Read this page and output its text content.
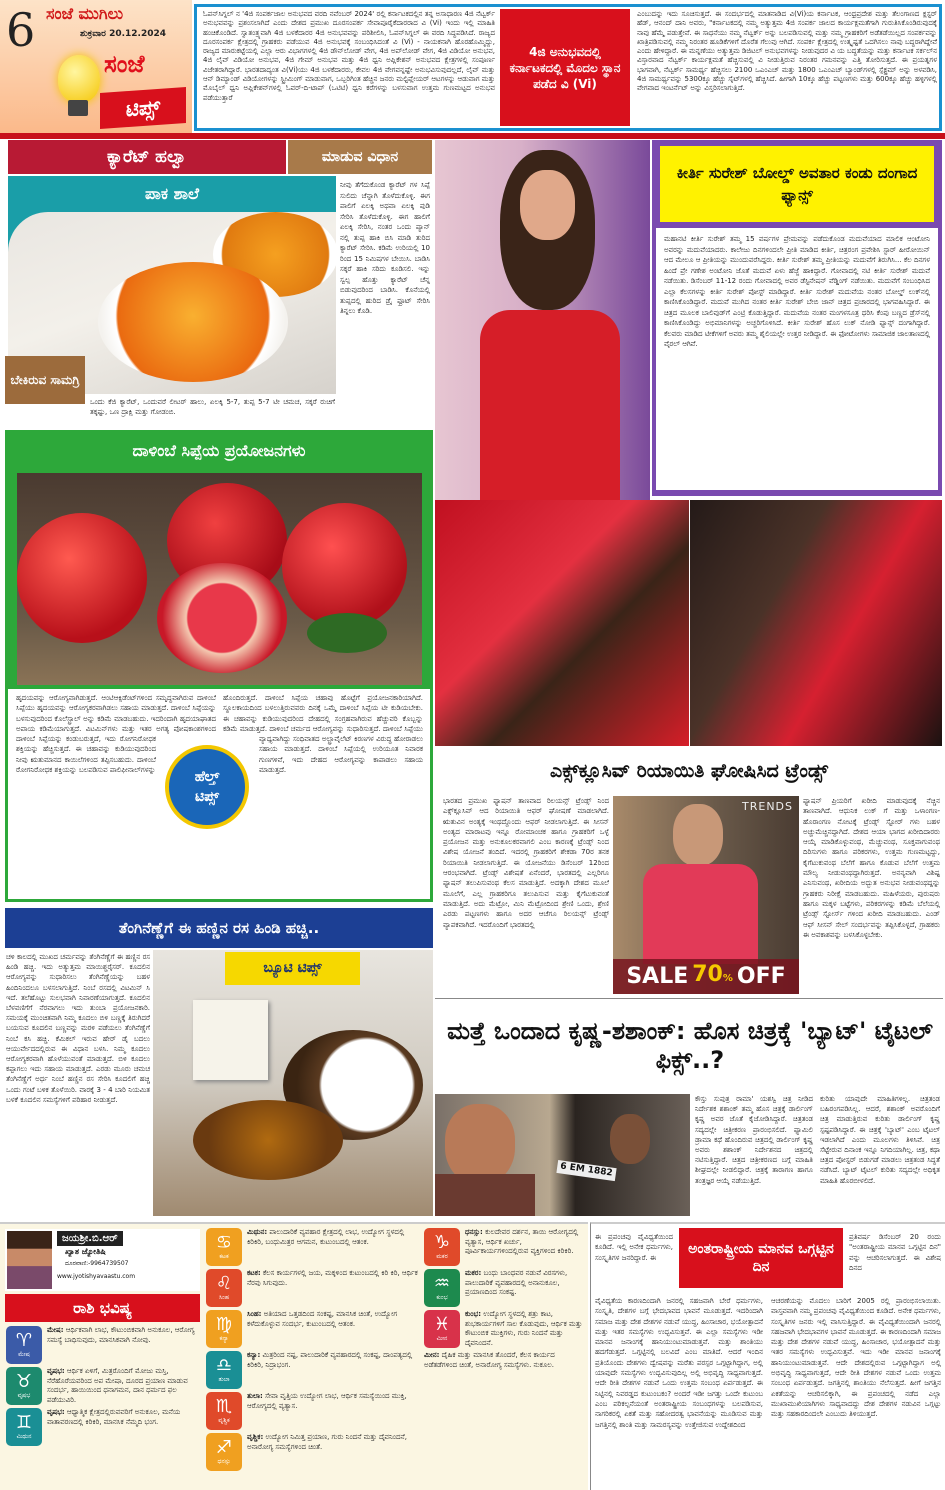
6 ಸಂಜೆ ಮುಗಿಲು
ಶುಕ್ರವಾರ 20.12.2024
ಸಂಜೆ
ಟಿಪ್ಸ್
ಓಪನ್‌ಸಿಗ್ನಲ್ ನ '4ಜಿ ಸಂಪರ್ಕಜಾಲ ಅನುಭವದ ವರದಿ ನವೆಂಬರ್ 2024' ರಲ್ಲಿ ಕರ್ನಾಟಕದಲ್ಲಿನ ತನ್ನ ಅಸಾಧಾರಣ 4ಜಿ ನೆಟ್ವರ್ಕ್ ಅನುಭವವನ್ನು ಪ್ರಶಂಸಲಾಗಿದೆ ಎಂದು ದೇಶದ ಪ್ರಮುಖ ದೂರಸಂಪರ್ಕ ಸೇವಾಪೂರೈಕೆದಾರರಾದ ವಿ (Vi) ಇಂದು ಇಲ್ಲಿ ಮಾಹಿತಿ ಹಂಚಿಕೊಂಡಿದೆ. ಸ್ವಾತಂತ್ರ್ಯವಾಗಿ 4ಜಿ ಬಳಕೆದಾರರ 4ಜಿ ಅನುಭವವನ್ನು ಪರಿಶೀಲಿಸಿ, ಓಪನ್‌ಸಿಗ್ನಲ್ ಈ ವರದಿ ಸಿದ್ಧಪಡಿಸಿದೆ. ರಾಜ್ಯದ ದೂರಸಂಪರ್ಕ ಕ್ಷೇತ್ರದಲ್ಲಿ ಗ್ರಾಹಕರು ಪಡೆಯುವ 4ಜಿ ಅನುಭವಕ್ಕೆ ಸಂಬಂಧಿಸಿದಂತೆ ವಿ (Vi) - ನಾಯಕನಾಗಿ ಹೊರಹೊಮ್ಮಿದ್ದು, ರಾಜ್ಯದ ಮಾರುಕಟ್ಟೆಯಲ್ಲಿ ಎಲ್ಲಾ ಆರು ವಿಭಾಗಗಳಲ್ಲಿ 4ಜಿ ಡೌನ್‌ಲೋಡ್ ವೇಗ, 4ಜಿ ಅಪ್‌ಲೋಡ್ ವೇಗ, 4ಜಿ ವಿಡಿಯೋ ಅನುಭವ, 4ಜಿ ಲೈವ್ ವಿಡಿಯೋ ಅನುಭವ, 4ಜಿ ಗೇಮ್ ಅನುಭವ ಮತ್ತು 4ಜಿ ಧ್ವನಿ ಅಪ್ಲಿಕೇಶನ್ ಅನುಭವದ ಕ್ಷೇತ್ರಗಳಲ್ಲಿ ಸಂಪೂರ್ಣ ವಿಜೇತರಾಗಿದ್ದಾರೆ. ಭಾರತದಾದ್ಯಂತ ವಿ(Vi)ಯು 4ಜಿ ಬಳಕೆದಾರರು, ಕೇವಲ 4ಜಿ ವೇಗವನ್ನಷ್ಟೇ ಅನುಭವಿಸುವುದಲ್ಲದೆ, ಲೈವ್ ಮತ್ತು ಆನ್ ಡಿಮ್ಯಾಂಡ್ ವಿಡಿಯೋಗಳನ್ನು ಸ್ಟ್ರೀಮಿಂಗ್ ಮಾಡುವಾಗ, ಒಬ್ಬರಿಗಿಂತ ಹೆಚ್ಚಿನ ಜನರು ಮಲ್ಟಿಪ್ಲೇಯರ್ ಆಟಗಳನ್ನು ಆಡುವಾಗ ಮತ್ತು ಮೊಬೈಲ್ ಧ್ವನಿ ಅಪ್ಲಿಕೇಶನ್‌ಗಳಲ್ಲಿ ಓವರ್-ದಿ-ಟಾಪ್ (ಒಟಿಟಿ) ಧ್ವನಿ ಕರೆಗಳನ್ನು ಬಳಸುವಾಗ ಉತ್ತಮ ಗುಣಮಟ್ಟದ ಅನುಭವ ಪಡೆಯುತ್ತಾರೆ
4ಜಿ ಅನುಭವದಲ್ಲಿ ಕರ್ನಾಟಕದಲ್ಲಿ ಮೊದಲ ಸ್ಥಾನ ಪಡೆದ ವಿ (Vi)
ಎಂಬುದನ್ನು ಇದು ಸೂಚಿಸುತ್ತದೆ. ಈ ಸಂದರ್ಭದಲ್ಲಿ ಮಾತನಾಡಿದ ವಿ(Vi)ಯ ಕರ್ನಾಟಕ, ಆಂಧ್ರಪ್ರದೇಶ ಮತ್ತು ತೆಲಂಗಾಣದ ಕ್ಲಸ್ಟರ್ ಹೆಡ್, ಆನಂದ್ ದಾನಿ ಅವರು, "ಕರ್ನಾಟಕದಲ್ಲಿ ನಮ್ಮ ಅತ್ಯುತ್ತಮ 4ಜಿ ಸಂಪರ್ಕ ಜಾಲದ ಕಾರ್ಯಕ್ಷಮತೆಗಾಗಿ ಗುರುತಿಸಿಕೊಂಡಿರುವುದಕ್ಕೆ ನಾವು ಹೆಮ್ಮೆ ಪಡುತ್ತೇವೆ. ಈ ಸಾಧನೆಯು ನಮ್ಮ ನೆಟ್ವರ್ಕ್ ಅನ್ನು ಬಲಪಡಿಸುವಲ್ಲಿ ಮತ್ತು ನಮ್ಮ ಗ್ರಾಹಕರಿಗೆ ಅಡೆತಡೆಯಿಲ್ಲದ ಸಂಪರ್ಕವನ್ನು ಖಾತ್ರಿಪಡಿಸುವಲ್ಲಿ ನಮ್ಮ ನಿರಂತರ ಹೂಡಿಕೆಗಳಿಗೆ ದೊರೆತ ಗೆಲುವು ಆಗಿದೆ. ಸಂಪರ್ಕ ಕ್ಷೇತ್ರದಲ್ಲಿ ಉತ್ಕೃಷ್ಟತೆ ಒದಗಿಸಲು ನಾವು ಬದ್ಧರಾಗಿದ್ದೇವೆ ಎಂದು ಹೇಳಿದ್ದಾರೆ. ಈ ಮನ್ನಣೆಯು ಅತ್ಯುತ್ತಮ ಡಿಜಿಟಲ್ ಅನುಭವಗಳನ್ನು ನೀಡುವುದರ ವಿ ಯ ಬದ್ಧತೆಯನ್ನು ಮತ್ತು ಕರ್ನಾಟಕ ಸರ್ಕಲ್‌ನ ವಿಸ್ತಾರವಾದ ನೆಟ್ವರ್ಕ್ ಕಾರ್ಯಕ್ಷಮತೆ ಹೆಚ್ಚಿಸುವಲ್ಲಿ ವಿ ನೀಡುತ್ತಿರುವ ನಿರಂತರ ಗಮನವನ್ನು ಎತ್ತಿ ತೋರಿಸುತ್ತದೆ. ಈ ಪ್ರಯತ್ನಗಳ ಭಾಗವಾಗಿ, ನೆಟ್ವರ್ಕ್ ಸಾಮರ್ಥ್ಯ ಹೆಚ್ಚಿಸಲು 2100 ಒಎಂಎಚ್ ಮತ್ತು 1800 ಒಎಂಎಚ್ ಬ್ಯಾಂಡ್‌ಗಳಲ್ಲಿ ಸ್ಪೆಕ್ಟ್ರಮ್ ಅನ್ನು ಅಳವಡಿಸಿ, 4ಜಿ ಸಾಮರ್ಥ್ಯವನ್ನು 5300ಕ್ಕೂ ಹೆಚ್ಚು ಸೈಟ್‌ಗಳಲ್ಲಿ ಹೆಚ್ಚಿಸಿದೆ. ಹೀಗಾಗಿ 10ಕ್ಕೂ ಹೆಚ್ಚು ಪಟ್ಟಣಗಳು ಮತ್ತು 600ಕ್ಕೂ ಹೆಚ್ಚು ಹಳ್ಳಿಗಳಲ್ಲಿ ವೇಗವಾದ ಇಂಟರ್ನೆಟ್ ಅನ್ನು ವಿಸ್ತರಿಸಲಾಗುತ್ತಿದೆ.
ಕ್ಯಾರೆಟ್ ಹಲ್ವಾ	ಮಾಡುವ ವಿಧಾನ
ಪಾಕ ಶಾಲೆ	ನೀವು ತೆಗೆದುಕೊಂಡ ಕ್ಯಾರೆಟ್ ಗಳ ಸಿಪ್ಪೆ ಸುಲಿದು ಚೆನ್ನಾಗಿ ತೊಳೆದುಕೊಳ್ಳಿ. ಈಗ ಪಾಲಿಗೆ ಏಲಕ್ಕಿ ಅಥವಾ ಏಲಕ್ಕಿ ಪುಡಿ ಸೇರಿಸಿ ತೊಳೆದುಕೊಳ್ಳಿ. ಈಗ ಹಾಲಿಗೆ ಏಲಕ್ಕಿ ಸೇರಿಸಿ, ನಂತರ ಒಂದು ಪ್ಯಾನ್ ನಲ್ಲಿ ತುಪ್ಪ ಹಾಕಿ ಬಿಸಿ ಮಾಡಿ ತುರಿದ ಕ್ಯಾರೆಟ್ ಸೇರಿಸಿ. ಕಡಿಮೆ ಉರಿಯಲ್ಲಿ 10 ರಿಂದ 15 ನಿಮಿಷಗಳ ಬೇಯಿಸಿ. ಬಾಡಿಸಿ ಸಕ್ಕರೆ ಹಾಕಿ ಸರಿದು ಕೂಡಿಸಲಿ. ಇನ್ನು ಸ್ವಲ್ಪ ಹೊತ್ತು ಕ್ಯಾರೆಟ್ ಚೆನ್ನ ಬಿಡುವುದರಿಂದ ಬಾಡಿಸಿ. ಕೊನೆಯಲ್ಲಿ ತುಪ್ಪದಲ್ಲಿ ಹುರಿದ ಡ್ರೈ ಫ್ರೂಟ್ ಸೇರಿಸಿ ತಿನ್ನಲು ಕೊಡಿ.
ಬೇಕಿರುವ ಸಾಮಗ್ರಿ
ಒಂದು ಕೆಜಿ ಕ್ಯಾರೆಟ್, ಒಂದುವರೆ ಲೀಟರ್ ಹಾಲು, ಏಲಕ್ಕಿ 5-7, ತುಪ್ಪ 5-7 ಟೀ ಚಮಚ, ಸಕ್ಕರೆ ರುಚಿಗೆ ತಕ್ಕಷ್ಟು, ಒಣ ದ್ರಾಕ್ಷಿ ಮತ್ತು ಗೋಡಂಬಿ.
ದಾಳಿಂಬೆ ಸಿಪ್ಪೆಯ ಪ್ರಯೋಜನಗಳು
ಹೃದಯವನ್ನು ಆರೋಗ್ಯವಾಗಿಡುತ್ತದೆ. ಆಂಟಿಆಕ್ಸಿಡೆಂಟ್‌ಗಳಿಂದ ಸಮೃದ್ಧವಾಗಿರುವ ದಾಳಿಂಬೆ ಸಿಪ್ಪೆಯು ಹೃದಯವನ್ನು ಆರೋಗ್ಯಕರವಾಗಿಡಲು ಸಹಾಯ ಮಾಡುತ್ತದೆ. ದಾಳಿಂಬೆ ಸಿಪ್ಪೆಯನ್ನು ಬಳಸುವುದರಿಂದ ಕೊಲೆಸ್ಟ್ರಾಲ್ ಅನ್ನು ಕಡಿಮೆ ಮಾಡಬಹುದು. ಇದರಿಂದಾಗಿ ಹೃದಯಾಘಾತದ ಅಪಾಯ ಕಡಿಮೆಯಾಗುತ್ತದೆ. ವಿಟಮಿನ್‌ಗಳು ಮತ್ತು ಇತರ ಅಗತ್ಯ ಪೋಷಕಾಂಶಗಳಿಂದ ದಾಳಿಂಬೆ ಸಿಪ್ಪೆಯನ್ನು ಕಂಡುಬರುತ್ತದೆ, ಇದು ರೋಗನಿರೋಧಕ ಶಕ್ತಿಯನ್ನು ಹೆಚ್ಚಿಸುತ್ತದೆ. ಈ ಚಹಾವನ್ನು ಕುಡಿಯುವುದರಿಂದ ನೀವು ಋತುಮಾನದ ಕಾಯಿಲೆಗಳಿಂದ ತಪ್ಪಿಸಬಹುದು. ದಾಳಿಂಬೆ ರೋಗನಿರೋಧಕ ಶಕ್ತಿಯನ್ನು ಬಲಪಡಿಸುವ ಪಾಲಿಫೀನಾಲ್‌ಗಳನ್ನು
ಹೊಂದಿರುತ್ತದೆ. ದಾಳಿಂಬೆ ಸಿಪ್ಪೆಯ ಚಹಾವು ಹೊಟ್ಟೆಗೆ ಪ್ರಯೋಜನಕಾರಿಯಾಗಿದೆ. ಸ್ಥೂಲಕಾಯದಿಂದ ಬಳಲುತ್ತಿರುವವರು ದಿನಕ್ಕೆ ಒಮ್ಮೆ ದಾಳಿಂಬೆ ಸಿಪ್ಪೆಯ ಟೀ ಕುಡಿಯಬೇಕು. ಈ ಚಹಾವನ್ನು ಕುಡಿಯುವುದರಿಂದ ದೇಹದಲ್ಲಿ ಸಂಗ್ರಹವಾಗಿರುವ ಹೆಚ್ಚುವರಿ ಕೊಬ್ಬನ್ನು ಕಡಿಮೆ ಮಾಡುತ್ತದೆ. ದಾಳಿಂಬೆ ಚರ್ಮದ ಆರೋಗ್ಯವನ್ನು ಸುಧಾರಿಸುತ್ತದೆ. ದಾಳಿಂಬೆ ಸಿಪ್ಪೆಯು ವ್ಯಾಧ್ಯವಾಗಿದ್ದು ಸಂಧಿವಾತದ ಅಲ್ಟ್ರಾವೈಲೆಟ್ ಕಿರಣಗಳ ವಿರುದ್ಧ ಹೋರಾಡಲು ಸಹಾಯ ಮಾಡುತ್ತದೆ. ದಾಳಿಂಬೆ ಸಿಪ್ಪೆಯಲ್ಲಿ ಉರಿಯೂತ ನಿವಾರಕ ಗುಣಗಳಿವೆ, ಇದು ದೇಹದ ಆರೋಗ್ಯವನ್ನು ಕಾಪಾಡಲು ಸಹಾಯ ಮಾಡುತ್ತದೆ.
ಹೆಲ್ತ್
ಟಿಪ್ಸ್
ತೆಂಗಿನೆಣ್ಣೆಗೆ ಈ ಹಣ್ಣಿನ ರಸ ಹಿಂಡಿ ಹಚ್ಚಿ..
ಚಳಿ ಕಾಲದಲ್ಲಿ ಮುಖದ ಚರ್ಮವನ್ನು ತೆಂಗಿನೆಣ್ಣೆಗೆ ಈ ಹಣ್ಣಿನ ರಸ ಹಿಂಡಿ ಹಚ್ಚಿ. ಇದು ಅತ್ಯುತ್ತಮ ಮಾಯಿಶ್ಚರೈಸರ್. ಕೂದಲಿನ ಆರೋಗ್ಯವನ್ನು ಸುಧಾರಿಸಲು ತೆಂಗಿನೆಣ್ಣೆಯನ್ನು ಬಹಳ ಹಿಂದಿನಿಂದಲೂ ಬಳಸಲಾಗುತ್ತಿದೆ. ನಿಂಬೆ ರಸದಲ್ಲಿ ವಿಟಮಿನ್ ಸಿ ಇದೆ. ತಲೆಹೊಟ್ಟು ಸುಲಭವಾಗಿ ನಿವಾರಣೆಯಾಗುತ್ತದೆ. ಕೂದಲಿನ ಬೆಳವಣಿಗೆಗೆ ನೆರವಾಗಲು ಇದು ತುಂಬಾ ಪ್ರಯೋಜನಕಾರಿ. ಸಮಯಕ್ಕೆ ಮುಂಚಿತವಾಗಿ ನಿಮ್ಮ ಕೂದಲು ಬಿಳಿ ಬಣ್ಣಕ್ಕೆ ತಿರುಗಿದರೆ ಬಯಸುವ ಕೂದಲಿನ ಬಣ್ಣವನ್ನು ಮರಳಿ ಪಡೆಯಲು ತೆಂಗಿನೆಣ್ಣೆಗೆ ನಿಂಬೆ ಕಸಿ ಹಚ್ಚಿ. ಕೆಮಿಕಲ್ ಇರುವ ಹೇರ್ ಡೈ ಬದಲು ಆಯುರ್ವೇದದಲ್ಲಿರುವ ಈ ವಿಧಾನ ಬಳಸಿ. ನಿಮ್ಮ ಕೂದಲು ಆರೋಗ್ಯಕರವಾಗಿ ಹೊಳೆಯುವಂತೆ ಮಾಡುತ್ತದೆ. ಬಿಳಿ ಕೂದಲು ಕಪ್ಪಾಗಲು ಇದು ಸಹಾಯ ಮಾಡುತ್ತದೆ. ಎರಡು ಮೂರು ಚಮಚ ತೆಂಗಿನೆಣ್ಣೆಗೆ ಅರ್ಧ ನಿಂಬೆ ಹಣ್ಣಿನ ರಸ ಸೇರಿಸಿ ಕೂದಲಿಗೆ ಹಚ್ಚಿ ಒಂದು ಗಂಟೆ ಬಳಿಕ ತೊಳೆಯಿರಿ. ವಾರಕ್ಕೆ 3 - 4 ಬಾರಿ ನಿಯಮಿತ ಬಳಕೆ ಕೂದಲಿನ ಸಮಸ್ಯೆಗಳಿಗೆ ಪರಿಹಾರ ನೀಡುತ್ತದೆ.
ಬ್ಯೂಟಿ ಟಿಪ್ಸ್
ಕೀರ್ತಿ ಸುರೇಶ್ ಬೋಲ್ಡ್ ಅವತಾರ ಕಂಡು ದಂಗಾದ ಫ್ಯಾನ್ಸ್
ಮಹಾನಟಿ ಕೀರ್ತಿ ಸುರೇಶ್ ತಮ್ಮ 15 ವರ್ಷಗಳ ಪ್ರೇಮವನ್ನು ಪಡೆದುಕೊಂಡ ಮದುವೆಯಾದ ಮಾಲಿಕ ಆಂಟೋನಿ ಅವರನ್ನು ಮದುವೆಯಾದರು. ಕಾಲೇಜು ದಿನಗಳಿಂದಲೇ ಪ್ರೀತಿ ಮಾಡಿದ ಕೀರ್ತಿ, ಚಿತ್ರರಂಗ ಪ್ರವೇಶಿಸಿ ಸ್ಟಾರ್ ಹೀರೋಯಿನ್ ಆದ ಮೇಲೂ ಆ ಪ್ರೀತಿಯನ್ನು ಮುಂದುವರೆಸಿದ್ದರು. ಕೀರ್ತಿ ಸುರೇಶ್ ತಮ್ಮ ಪ್ರೀತಿಯನ್ನು ಮದುವೆಗೆ ತಿರುಗಿಸಿ... ಕೆಲ ದಿನಗಳ ಹಿಂದೆ ಪ್ರೇ ಗಣೇಶ ಅಂಟೋನಿ ಜೊತೆ ಮದುವೆ ಏಳು ಹೆಜ್ಜೆ ಹಾಕಿದ್ದಾರೆ. ಗೋವಾದಲ್ಲಿ ನಟಿ ಕೀರ್ತಿ ಸುರೇಶ್ ಮದುವೆ ನಡೆಯಿತು. ಡಿಸೆಂಬರ್ 11-12 ರಂದು ಗೋವಾದಲ್ಲಿ ಅವರ ಡೆಸ್ಟಿನೇಷನ್ ವೆಡ್ಡಿಂಗ್ ನಡೆಯಿತು. ಮದುವೆಗೆ ಸಂಬಂಧಿಸಿದ ಎಲ್ಲಾ ಕೆಲಸಗಳನ್ನು ಕೀರ್ತಿ ಸುರೇಶ್ ಪೋಸ್ಟ್ ಮಾಡಿದ್ದಾರೆ. ಕೀರ್ತಿ ಸುರೇಶ್ ಮದುವೆಯ ನಂತರ ಬೋಲ್ಡ್ ಲುಕ್‌ನಲ್ಲಿ ಕಾಣಿಸಿಕೊಂಡಿದ್ದಾರೆ. ಮದುವೆ ಮುಗಿದ ನಂತರ ಕೀರ್ತಿ ಸುರೇಶ್ ಬೇಬಿ ಜಾನ್ ಚಿತ್ರದ ಪ್ರಚಾರದಲ್ಲಿ ಭಾಗವಹಿಸಿದ್ದಾರೆ. ಈ ಚಿತ್ರದ ಮೂಲಕ ಬಾಲಿವುಡ್‌ಗೆ ಎಂಟ್ರಿ ಕೊಡುತ್ತಿದ್ದಾರೆ. ಮದುವೆಯ ನಂತರ ಮಂಗಳಸೂತ್ರ ಧರಿಸಿ ಕೆಂಪು ಬಣ್ಣದ ಡ್ರೆಸ್‌ನಲ್ಲಿ ಕಾಣಿಸಿಕೊಂಡಿದ್ದು ಅಭಿಮಾನಿಗಳನ್ನು ಅಚ್ಚರಿಗೊಳಿಸಿದೆ. ಕೀರ್ತಿ ಸುರೇಶ್ ಹೊಸ ಲುಕ್ ನೋಡಿ ಫ್ಯಾನ್ಸ್ ದಂಗಾಗಿದ್ದಾರೆ. ಕೆಲವರು ಮಾಡಿದ ಟೀಕೆಗಳಿಗೆ ಅವರು ತಮ್ಮ ಶೈಲಿಯಲ್ಲೇ ಉತ್ತರ ನೀಡಿದ್ದಾರೆ. ಈ ಫೋಟೋಗಳು ಸಾಮಾಜಿಕ ಜಾಲತಾಣದಲ್ಲಿ ವೈರಲ್ ಆಗಿವೆ.
ಎಕ್ಸ್‌ಕ್ಲೂಸಿವ್ ರಿಯಾಯಿತಿ ಘೋಷಿಸಿದ ಟ್ರೆಂಡ್ಸ್
ಭಾರತದ ಪ್ರಮುಖ ಫ್ಯಾಷನ್ ತಾಣವಾದ ರಿಲಯನ್ಸ್ ಟ್ರೆಂಡ್ಸ್ ನಿಂದ ಎಕ್ಸ್‌ಕ್ಲೂಸಿವ್ ಆದ ರಿಯಾಯಿತಿ ಆಫರ್ ಘೋಷಣೆ ಮಾಡಲಾಗಿದೆ. ಋತುವಿನ ಅಂತ್ಯಕ್ಕೆ ಇಂಥದ್ದೊಂದು ಆಫರ್ ನೀಡಲಾಗುತ್ತಿದೆ. ಈ ಸೀಸನ್ ಅಂತ್ಯದ ಮಾರಾಟವು ಇನ್ನೂ ರೋಮಾಂಚಕ ಹಾಗೂ ಗ್ರಾಹಕರಿಗೆ ಒಳ್ಳೆ ಪ್ರಯೋಜನ ಮತ್ತು ಅನುಕೂಲಕರವಾಗಲಿ ಎಂಬ ಕಾರಣಕ್ಕೆ ಟ್ರೆಂಡ್ಸ್ ನಿಂದ ವಿಶೇಷ ಯೋಜನೆ ತಂದಿದೆ. ಇದರಲ್ಲಿ ಗ್ರಾಹಕರಿಗೆ ಶೇಕಡಾ 70ರ ತನಕ ರಿಯಾಯಿತಿ ನೀಡಲಾಗುತ್ತಿದೆ. ಈ ಯೋಜನೆಯು ಡಿಸೆಂಬರ್ 12ರಿಂದ ಆರಂಭವಾಗಿದೆ. ಟ್ರೆಂಡ್ಸ್ ವಿಶೇಷತೆ ಏನೆಂದರೆ, ಭಾರತದಲ್ಲಿ ಎಲ್ಲರಿಗೂ ಫ್ಯಾಷನ್ ತಲುಪಿಸುವಂಥ ಕೆಲಸ ಮಾಡುತ್ತಿದೆ. ಅದಕ್ಕಾಗಿ ದೇಶದ ಮೂಲೆ ಮೂಲೆಗೆ, ಎಲ್ಲ ಗ್ರಾಹಕರಿಗೂ ತಲುಪಿಸುವ ಮತ್ತು ಕೈಗೆಟುಕುವಂತೆ ಮಾಡುತ್ತಿದೆ. ಅದು ಮೆಟ್ರೋ, ಮಿನಿ ಮೆಟ್ರೋದಿಂದ ಶ್ರೇಣಿ ಒಂದು, ಶ್ರೇಣಿ ಎರಡು ಪಟ್ಟಣಗಳು ಹಾಗೂ ಅದರ ಆಚೆಗೂ ರಿಲಯನ್ಸ್ ಟ್ರೆಂಡ್ಸ್ ವ್ಯಾಪಕವಾಗಿದೆ. ಇದರೊಂದಿಗೆ ಭಾರತದಲ್ಲಿ
TRENDS
SALE 70% OFF
ಫ್ಯಾಷನ್ ಪ್ರಿಯರಿಗೆ ಖರೀದಿ ಮಾಡುವುದಕ್ಕೆ ನೆಚ್ಚಿನ ತಾಣವಾಗಿದೆ. ಆಧುನಿಕ ಲುಕ್ ಗೆ ಮತ್ತು ಒಳಾಂಗಣ-ಹೊರಾಂಗಣ ನೋಟಕ್ಕೆ ಟ್ರೆಂಡ್ಸ್ ಸ್ಟೋರ್ ಗಳು ಬಹಳ ಅಚ್ಚುಮೆಚ್ಚಿನದ್ದಾಗಿದೆ. ದೇಶದ ಆಯಾ ಭಾಗದ ಖರೀದಿದಾರರು ಆಯ್ಕೆ ಮಾಡಿಕೊಳ್ಳುವಂಥ, ಮೆಚ್ಚುವಂಥ, ಸೂಕ್ತವಾಗುವಂಥ ದಿರಿಸುಗಳು ಹಾಗೂ ಪರಿಕರಗಳು, ಉತ್ತಮ ಗುಣಮಟ್ಟದ್ದು, ಕೈಗೆಟುಕುವಂಥ ಬೆಲೆಗೆ ಹಾಗೂ ಕೊಡುವ ಬೆಲೆಗೆ ಉತ್ತಮ ಮೌಲ್ಯ ನೀಡುವಂಥದ್ದಾಗಿರುತ್ತದೆ. ಅನನ್ಯವಾಗಿ ವಿಶಿಷ್ಟ ಎನಿಸುವಂಥ, ಖರೀದಿಯ ಅದ್ಭುತ ಅನುಭವ ನೀಡುವಂಥದ್ದನ್ನು ಗ್ರಾಹಕರು ನಿರೀಕ್ಷೆ ಮಾಡಬಹುದು. ಮಹಿಳೆಯರು, ಪುರುಷರು ಹಾಗೂ ಮಕ್ಕಳ ಬಟ್ಟೆಗಳು, ಪರಿಕರಗಳನ್ನು ಕಡಿಮೆ ಬೆಲೆಯಲ್ಲಿ ಟ್ರೆಂಡ್ಸ್ ಸ್ಟೋರ್ಸ್ ಗಳಿಂದ ಖರೀದಿ ಮಾಡಬಹುದು. ಎಂಡ್ ಆಫ್ ಸೀಸನ್ ಸೇಲ್ ಸಂದರ್ಭವನ್ನು ತಪ್ಪಿಸಿಕೊಳ್ಳದೆ, ಗ್ರಾಹಕರು ಈ ಅವಕಾಶವನ್ನು ಬಳಸಿಕೊಳ್ಳಬೇಕು.
ಮತ್ತೆ ಒಂದಾದ ಕೃಷ್ಣ-ಶಶಾಂಕ್: ಹೊಸ ಚಿತ್ರಕ್ಕೆ 'ಬ್ಯಾಟ್' ಟೈಟಲ್ ಫಿಕ್ಸ್..?
6 EM 1882
ಕೌಸ್ತು ಸುಪುತ್ರ ರಾಮಾ' ಯಶಸ್ವಿ ಚಿತ್ರ ನೀಡಿದ ನಿರ್ದೇಶಕ ಶಶಾಂಕ್ ತಮ್ಮ ಹೊಸ ಚಿತ್ರಕ್ಕೆ ಡಾರ್ಲಿಂಗ್ ಕೃಷ್ಣ ಅವರ ಜೊತೆ ಕೈಜೋಡಿಸಿದ್ದಾರೆ. ಚಿತ್ರತಂಡ ಸದ್ಯದಲ್ಲೇ ಚಿತ್ರೀಕರಣ ಪ್ರಾರಂಭಿಸಲಿದೆ. ಫ್ಯಾಮಿಲಿ ಡ್ರಾಮಾ ಕಥೆ ಹೊಂದಿರುವ ಚಿತ್ರದಲ್ಲಿ ಡಾರ್ಲಿಂಗ್ ಕೃಷ್ಣ ಅವರು ಶಶಾಂಕ್ ನಿರ್ದೇಶನದ ಚಿತ್ರದಲ್ಲಿ ನಟಿಸುತ್ತಿದ್ದಾರೆ. ಚಿತ್ರದ ಚಿತ್ರೀಕರಣದ ಬಗ್ಗೆ ಮಾಹಿತಿ ಶೀಘ್ರದಲ್ಲೇ ನೀಡಲಿದ್ದಾರೆ. ಚಿತ್ರಕ್ಕೆ ತಾರಾಗಣ ಹಾಗೂ ತಂತ್ರಜ್ಞರ ಆಯ್ಕೆ ನಡೆಯುತ್ತಿದೆ.
ಕುರಿತು ಯಾವುದೇ ಮಾಹಿತಿಗಳಿಲ್ಲ. ಚಿತ್ರತಂಡ ಬಹಿರಂಗಪಡಿಸಿಲ್ಲ. ಆದರೆ, ಶಶಾಂಕ್ ಅವರೊಂದಿಗೆ ಚಿತ್ರ ಮಾಡುತ್ತಿರುವ ಕುರಿತು ಡಾರ್ಲಿಂಗ್ ಕೃಷ್ಣ ಸ್ಪಷ್ಟಪಡಿಸಿದ್ದಾರೆ. ಈ ಚಿತ್ರಕ್ಕೆ 'ಬ್ಯಾಟ್' ಎಂಬ ಟೈಟಲ್ ಇಡಲಾಗಿದೆ ಎಂದು ಮೂಲಗಳು ತಿಳಿಸಿವೆ. ಚಿತ್ರ ಸೆಟ್ಟೇರುವ ದಿನಾಂಕ ಇನ್ನೂ ನಿಗದಿಯಾಗಿಲ್ಲ. ಚಿತ್ರ, ಕಥಾ ಚಿತ್ರದ ಪೋಸ್ಟರ್ ಬಿಡುಗಡೆ ಮಾಡಲು ಚಿತ್ರತಂಡ ಸಿದ್ಧತೆ ನಡೆಸಿದೆ. ಬ್ಯಾಟ್ ಟೈಟಲ್ ಕುರಿತು ಸದ್ಯದಲ್ಲೇ ಅಧಿಕೃತ ಮಾಹಿತಿ ಹೊರಬೀಳಲಿದೆ.
ಜಯಶ್ರೀ.ಬಿ.ಆರ್
ಖ್ಯಾತ ಜ್ಯೋತಿಷಿ
ದೂರವಾಣಿ:-9964739507
www.jyotishyavaastu.com
ರಾಶಿ ಭವಿಷ್ಯ
♈
ಮೇಷ
ಮೇಷ: ಆರ್ಥಿಕವಾಗಿ ಲಾಭ, ಕೌಟುಂಬಿಕವಾಗಿ ಅನುಕೂಲ, ಆರೋಗ್ಯ ಸಮಸ್ಯೆ ಬಾಧಿಸುವುದು, ಮಾನಸಿಕವಾಗಿ ನೋವು.
♉
ವೃಷಭ
ವೃಷಭ: ಆರ್ಥಿಕ ಏಳಿಗೆ, ಮಿತ್ರರೊಂದಿಗೆ ಮೋಜು ಮಸ್ತಿ, ನೆರೆಹೊರೆಯವರಿಂದ ಅಪ ಮೇಷಾ, ದೂರದ ಪ್ರಯಾಣ ಮಾಡುವ ಸಂದರ್ಭ, ಹಾಯಿಯಿಂದ ಧನಾಗಮನ, ದಾನ ಧರ್ಮದ ಫಲ ಪಡೆಯುವಿರಿ.
♊
ಮಿಥುನ
ವೃಷಭ: ಆಧ್ಯಾತ್ಮಿಕ ಕ್ಷೇತ್ರದಲ್ಲಿರುವವರಿಗೆ ಅನುಕೂಲ, ಮನೆಯ ವಾತಾವರಣದಲ್ಲಿ ಕಿರಿಕಿರಿ, ಮಾನಸಿಕ ನೆಮ್ಮದಿ ಭಂಗ.
♋
ಕಟಕ
ಮಿಥುನ: ಪಾಲುದಾರಿಕೆ ವ್ಯವಹಾರ ಕ್ಷೇತ್ರದಲ್ಲಿ ಲಾಭ, ಉದ್ಯೋಗ ಸ್ಥಳದಲ್ಲಿ ಕಿರಿಕಿರಿ, ಬಂಧುಮಿತ್ರರ ಆಗಮನ, ಕುಟುಂಬದಲ್ಲಿ ಆತಂಕ.
♌
ಸಿಂಹ
ಕಟಕ: ಕೆಲಸ ಕಾರ್ಯಗಳಲ್ಲಿ ಜಯ, ಮಕ್ಕಳಿಂದ ಕುಟುಂಬದಲ್ಲಿ ಕಿರಿ ಕಿರಿ, ಆರ್ಥಿಕ ನೆರವು ಸಿಗುವುದು.
♍
ಕನ್ಯಾ
ಸಿಂಹ: ಅತಿಯಾದ ಒತ್ತಡದಿಂದ ಸಂಕಷ್ಟ, ಮಾನಸಿಕ ಚಿಂತೆ, ಉದ್ಯೋಗ ಕಳೆದುಕೊಳ್ಳುವ ಸಂದರ್ಭ, ಕುಟುಂಬದಲ್ಲಿ ಆತಂಕ.
♎
ತುಲಾ
ಕನ್ಯಾ: ಮಿತ್ರರಿಂದ ನಷ್ಟ, ಪಾಲುದಾರಿಕೆ ವ್ಯವಹಾರದಲ್ಲಿ ಸಂಕಷ್ಟ, ದಾಂಪತ್ಯದಲ್ಲಿ ಕಿರಿಕಿರಿ, ನಿದ್ರಾಭಂಗ.
♏
ವೃಶ್ಚಿಕ
ತುಲಾ: ಸೇವಾ ವೃತ್ತಿಯ ಉದ್ಯೋಗ ಲಾಭ, ಆರ್ಥಿಕ ಸಮಸ್ಯೆಯಿಂದ ಮುಕ್ತಿ, ಆರೋಗ್ಯದಲ್ಲಿ ವ್ಯತ್ಯಾಸ.
♐
ಧನಸ್ಸು
ವೃಶ್ಚಿಕ: ಉದ್ಯೋಗ ನಿಮಿತ್ತ ಪ್ರಯಾಣ, ಗುರು ನಿಂದನೆ ಮತ್ತು ದೈವನಿಂದನೆ, ಅನಾರೋಗ್ಯ ಸಮಸ್ಯೆಗಳಿಂದ ಚಿಂತೆ.
♑
ಮಕರ
ಧನಸ್ಸು: ಕುಲದೇವರ ದರ್ಶನ, ತಾಯಿ ಆರೋಗ್ಯದಲ್ಲಿ ವ್ಯತ್ಯಾಸ, ಆರ್ಥಿಕ ಖರ್ಚು, ಪೂರ್ವಿಕಾರ್ಯಗಳಿಂದಲ್ಲಿರುವ ವ್ಯಕ್ತಿಗಳಿಂದ ಕಿರಿಕಿರಿ.
♒
ಕುಂಭ
ಮಕರ: ಬಂಧು ಬಾಂಧವರ ನಡುವೆ ವಿರಸಗಳು, ಪಾಲುದಾರಿಕೆ ವ್ಯವಹಾರದಲ್ಲಿ ಅನಾನುಕೂಲ, ಪ್ರಯಾಣದಿಂದ ಸಂಕಷ್ಟ.
♓
ಮೀನ
ಕುಂಭ: ಉದ್ಯೋಗ ಸ್ಥಳದಲ್ಲಿ ಶತ್ರು ಕಾಟ, ಶುಭಕಾರ್ಯಗಳಿಗೆ ಸಾಲ ಕೊಡುವುದು, ಆರ್ಥಿಕ ಮತ್ತು ಕೌಟುಂಬಿಕ ಮುಕ್ತಿಗಳು, ಗುರು ನಿಂದನೆ ಮತ್ತು ದೈವನಿಂದನೆ.
ಮೀನ: ದೈಹಿಕ ಮತ್ತು ಮಾನಸಿಕ ತೊಂದರೆ, ಕೆಲಸ ಕಾರ್ಯದ ಅಡೆತಡೆಗಳಿಂದ ಚಿಂತೆ, ಅನಾರೋಗ್ಯ ಸಮಸ್ಯೆಗಳು. ನುಕೂಲ.
ಈ ಪ್ರಪಂಚವು ವೈವಿಧ್ಯತೆಯಿಂದ ಕೂಡಿದೆ. ಇಲ್ಲಿ ಅನೇಕ ಧರ್ಮಗಳು, ಸಂಸ್ಕೃತಿಗಳ ಜನರಿದ್ದಾರೆ. ಈ
ಅಂತರಾಷ್ಟ್ರೀಯ ಮಾನವ ಒಗ್ಗಟ್ಟಿನ ದಿನ
ಪ್ರತಿವರ್ಷ ಡಿಸೆಂಬರ್ 20 ರಂದು "ಅಂತರಾಷ್ಟ್ರೀಯ ಮಾನವ ಒಗ್ಗಟ್ಟಿನ ದಿನ" ವನ್ನು ಆಚರಿಸಲಾಗುತ್ತದೆ. ಈ ವಿಶೇಷ ದಿನದ
ವೈವಿಧ್ಯತೆಯ ಕಾರಣದಿಂದಾಗಿ ಜನರಲ್ಲಿ ಸಹಜವಾಗಿ ಬೇರೆ ಧರ್ಮಗಳು, ಸಂಸ್ಕೃತಿ, ದೇಶಗಳ ಬಗ್ಗೆ ಭೇದಭಾವದ ಭಾವನೆ ಮೂಡುತ್ತದೆ. ಇದರಿಂದಾಗಿ ಸಮಾಜ ಮತ್ತು ದೇಶ ದೇಶಗಳ ನಡುವೆ ಯುದ್ಧ, ಹಿಂಸಾಚಾರ, ಭಯೋತ್ಪಾದನೆ ಮತ್ತು ಇತರ ಸಮಸ್ಯೆಗಳು ಉದ್ಭವಿಸುತ್ತವೆ. ಈ ಎಲ್ಲಾ ಸಮಸ್ಯೆಗಳು ಇಡೀ ಮಾನವ ಜನಾಂಗಕ್ಕೆ ಹಾನಿಯುಂಟುಮಾಡುತ್ತವೆ. ಮತ್ತು ಶಾಂತಿಯು ಹದಗೆಡುತ್ತದೆ. ಒಗ್ಗಟ್ಟಿನಲ್ಲಿ ಬಲವಿದೆ ಎಂಬ ಮಾತಿದೆ. ಆದರೆ ಇಂದಿನ ಪ್ರತಿಯೊಂದು ದೇಶಗಳು ದ್ವೇಷವನ್ನು ಮರೆತು ಪರಸ್ಪರ ಒಗ್ಗಟ್ಟಾಗಿದ್ದಾಗ, ಅಲ್ಲಿ ಯಾವುದೇ ಸಮಸ್ಯೆಗಳು ಉದ್ಭವಿಸುವುದಿಲ್ಲ ಅಲ್ಲಿ ಅಭಿವೃದ್ಧಿ ಸಾಧ್ಯವಾಗುತ್ತದೆ. ಆದೇ ರೀತಿ ದೇಶಗಳ ನಡುವೆ ಒಂದು ಉತ್ತಮ ಸಂಬಂಧ ಏರ್ಪಡುತ್ತದೆ. ಈ ನಿಟ್ಟಿನಲ್ಲಿ ನಿವರಡ್ಡದ ಕುಟುಂಬಕಂ? ಅಂದರೆ ಇಡೀ ಜಗತ್ತು ಒಂದೇ ಕುಟುಂಬ ಎಂಬ ಪರಿಕಲ್ಪನೆಯಂತೆ ಅಂತರಾಷ್ಟ್ರೀಯ ಸಂಬಂಧಗಳನ್ನು ಬಲಪಡಿಸುವ, ನಾಗರಿಕರಲ್ಲಿ ಏಕತೆ ಮತ್ತು ಸಹೋದರತ್ವ ಭಾವನೆಯನ್ನು ಮೂಡಿಸುವ ಮತ್ತು ಜಗತ್ತಿನಲ್ಲಿ ಶಾಂತಿ ಮತ್ತು ಸಾಮರಸ್ಯವನ್ನು ಉತ್ತೇಜಿಸುವ ಉದ್ದೇಶದಿಂದ
ಆಚರಣೆಯನ್ನು ಮೊದಲು ಬಾರಿಗೆ 2005 ರಲ್ಲಿ ಪ್ರಾರಂಭಿಸಲಾಯಿತು. ವಾಸ್ತವವಾಗಿ ನಮ್ಮ ಪ್ರಪಂಚವು ವೈವಿಧ್ಯತೆಯಿಂದ ಕೂಡಿದೆ. ಅನೇಕ ಧರ್ಮಗಳು, ಸಂಸ್ಕೃತಿಗಳ ಜನರು ಇಲ್ಲಿ ವಾಸಿಸುತ್ತಿದ್ದಾರೆ. ಈ ವೈವಿಧ್ಯತೆಯಿಂದಾಗಿ ಜನರಲ್ಲಿ ಸಹಜವಾಗಿ ಭೇದಭಾವಗಳ ಭಾವನೆ ಮೂಡುತ್ತದೆ. ಈ ಕಾರಣದಿಂದಾಗಿ ಸಮಾಜ ಮತ್ತು ದೇಶ ದೇಶಗಳ ನಡುವೆ ಯುದ್ಧ, ಹಿಂಸಾಚಾರ, ಭಯೋತ್ಪಾದನೆ ಮತ್ತು ಇತರ ಸಮಸ್ಯೆಗಳು ಉದ್ಭವಿಸುತ್ತವೆ. ಇದು ಇಡೀ ಮಾನವ ಜನಾಂಗಕ್ಕೆ ಹಾನಿಯುಂಟುಮಾಡುತ್ತವೆ. ಆದೇ ದೇಶದಲ್ಲಿರುವ ಒಗ್ಗಟ್ಟಾಗಿದ್ದಾಗ ಅಲ್ಲಿ ಅಭಿವೃದ್ಧಿ ಸಾಧ್ಯವಾಗುತ್ತದೆ, ಆದೇ ರೀತಿ ದೇಶಗಳ ನಡುವೆ ಒಂದು ಉತ್ತಮ ಸಂಬಂಧ ಏರ್ಪಡುತ್ತದೆ. ಜಗತ್ತಿನಲ್ಲಿ ಶಾಂತಿಯು ನೆಲೆಸುತ್ತದೆ. ಹೀಗೆ ಜಗತ್ತಿನ ಏಕತೆಯನ್ನು ಆಚರಿಸಲಿಕ್ಕಾಗಿ, ಈ ಪ್ರಪಂಚದಲ್ಲಿ ನಡೆದ ಎಲ್ಲಾ ಮುಖಾಮುಖಿಯಾಗಿಗಳು ಸಾಧ್ಯವಾದದ್ದು ದೇಶ ದೇಶಗಳ ನಡುವಿನ ಒಗ್ಗಟ್ಟು ಮತ್ತು ಸಹಕಾರದಿಂದಲೇ ಎಂಬುದು ತಿಳಿಯುತ್ತದೆ.
